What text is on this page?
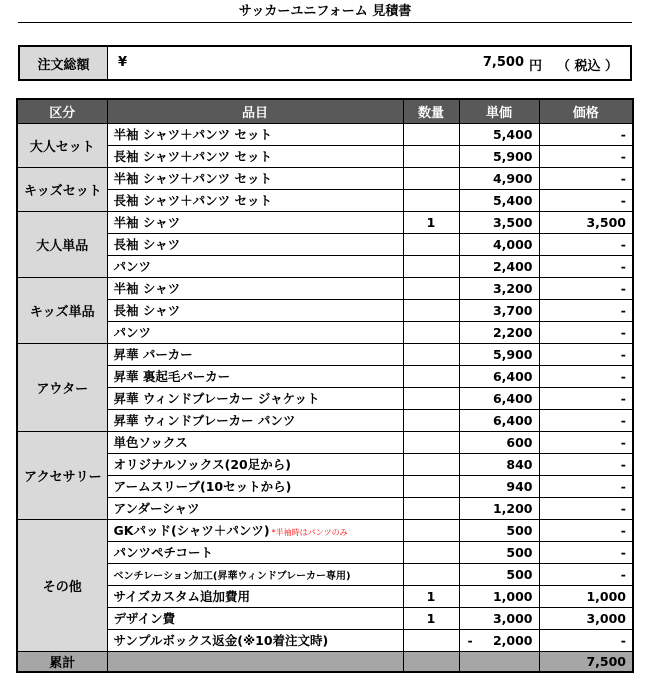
サッカーユニフォーム 見積書
注文総額	¥	7,500 円 （ 税込 ）
区分	品目	数量	単価	価格
大人セット	半袖 シャツ＋パンツ セット		5,400	-
	長袖 シャツ＋パンツ セット		5,900	-
キッズセット	半袖 シャツ＋パンツ セット		4,900	-
	長袖 シャツ＋パンツ セット		5,400	-
大人単品	半袖 シャツ	1	3,500	3,500
	長袖 シャツ		4,000	-
	パンツ		2,400	-
キッズ単品	半袖 シャツ		3,200	-
	長袖 シャツ		3,700	-
	パンツ		2,200	-
アウター	昇華 パーカー		5,900	-
	昇華 裏起毛パーカー		6,400	-
	昇華 ウィンドブレーカー ジャケット		6,400	-
	昇華 ウィンドブレーカー パンツ		6,400	-
アクセサリー	単色ソックス		600	-
	オリジナルソックス(20足から)		840	-
	アームスリーブ(10セットから)		940	-
	アンダーシャツ		1,200	-
その他	GKパッド(シャツ＋パンツ) *半袖時はパンツのみ		500	-
	パンツペチコート		500	-
	ベンチレーション加工(昇華ウィンドブレーカー専用)		500	-
	サイズカスタム追加費用	1	1,000	1,000
	デザイン費	1	3,000	3,000
	サンプルボックス返金(※10着注文時)		- 2,000	-
累計				7,500
